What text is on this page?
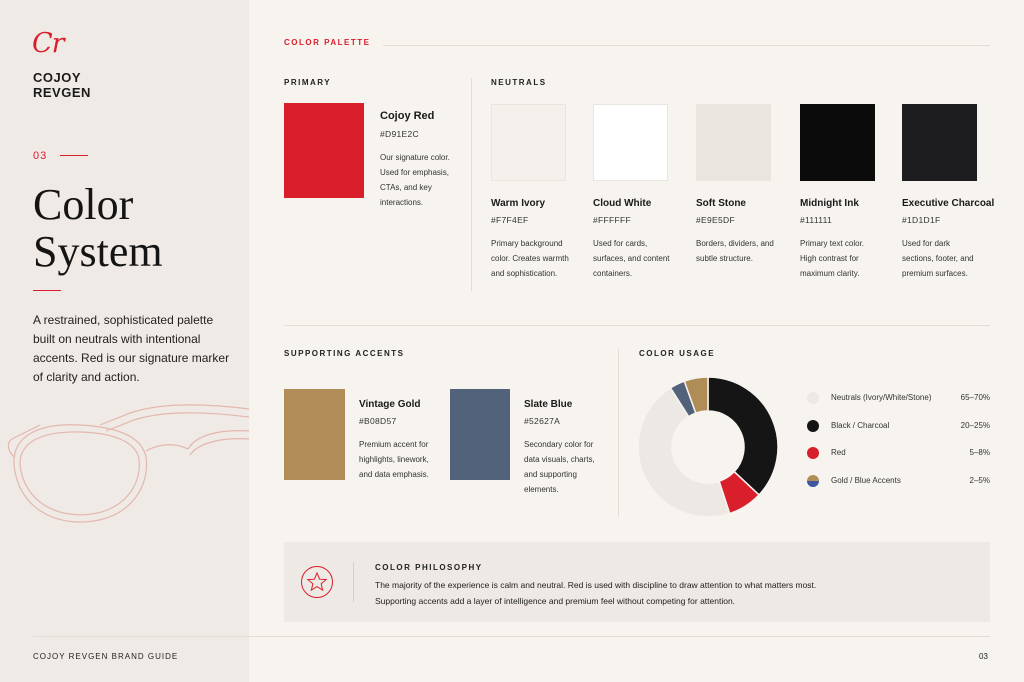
Cr
COJOY
REVGEN
03
Color
System
A restrained, sophisticated palette built on neutrals with intentional accents. Red is our signature marker of clarity and action.
COLOR PALETTE
PRIMARY
Cojoy Red
#D91E2C
Our signature color. Used for emphasis, CTAs, and key interactions.
NEUTRALS
Warm Ivory
#F7F4EF
Primary background color. Creates warmth and sophistication.
Cloud White
#FFFFFF
Used for cards, surfaces, and content containers.
Soft Stone
#E9E5DF
Borders, dividers, and subtle structure.
Midnight Ink
#111111
Primary text color. High contrast for maximum clarity.
Executive Charcoal
#1D1D1F
Used for dark sections, footer, and premium surfaces.
SUPPORTING ACCENTS
Vintage Gold
#B08D57
Premium accent for highlights, linework, and data emphasis.
Slate Blue
#52627A
Secondary color for data visuals, charts, and supporting elements.
COLOR USAGE
Neutrals (Ivory/White/Stone)	65–70%
Black / Charcoal	20–25%
Red	5–8%
Gold / Blue Accents	2–5%
COLOR PHILOSOPHY
The majority of the experience is calm and neutral. Red is used with discipline to draw attention to what matters most.
Supporting accents add a layer of intelligence and premium feel without competing for attention.
COJOY REVGEN BRAND GUIDE	03
